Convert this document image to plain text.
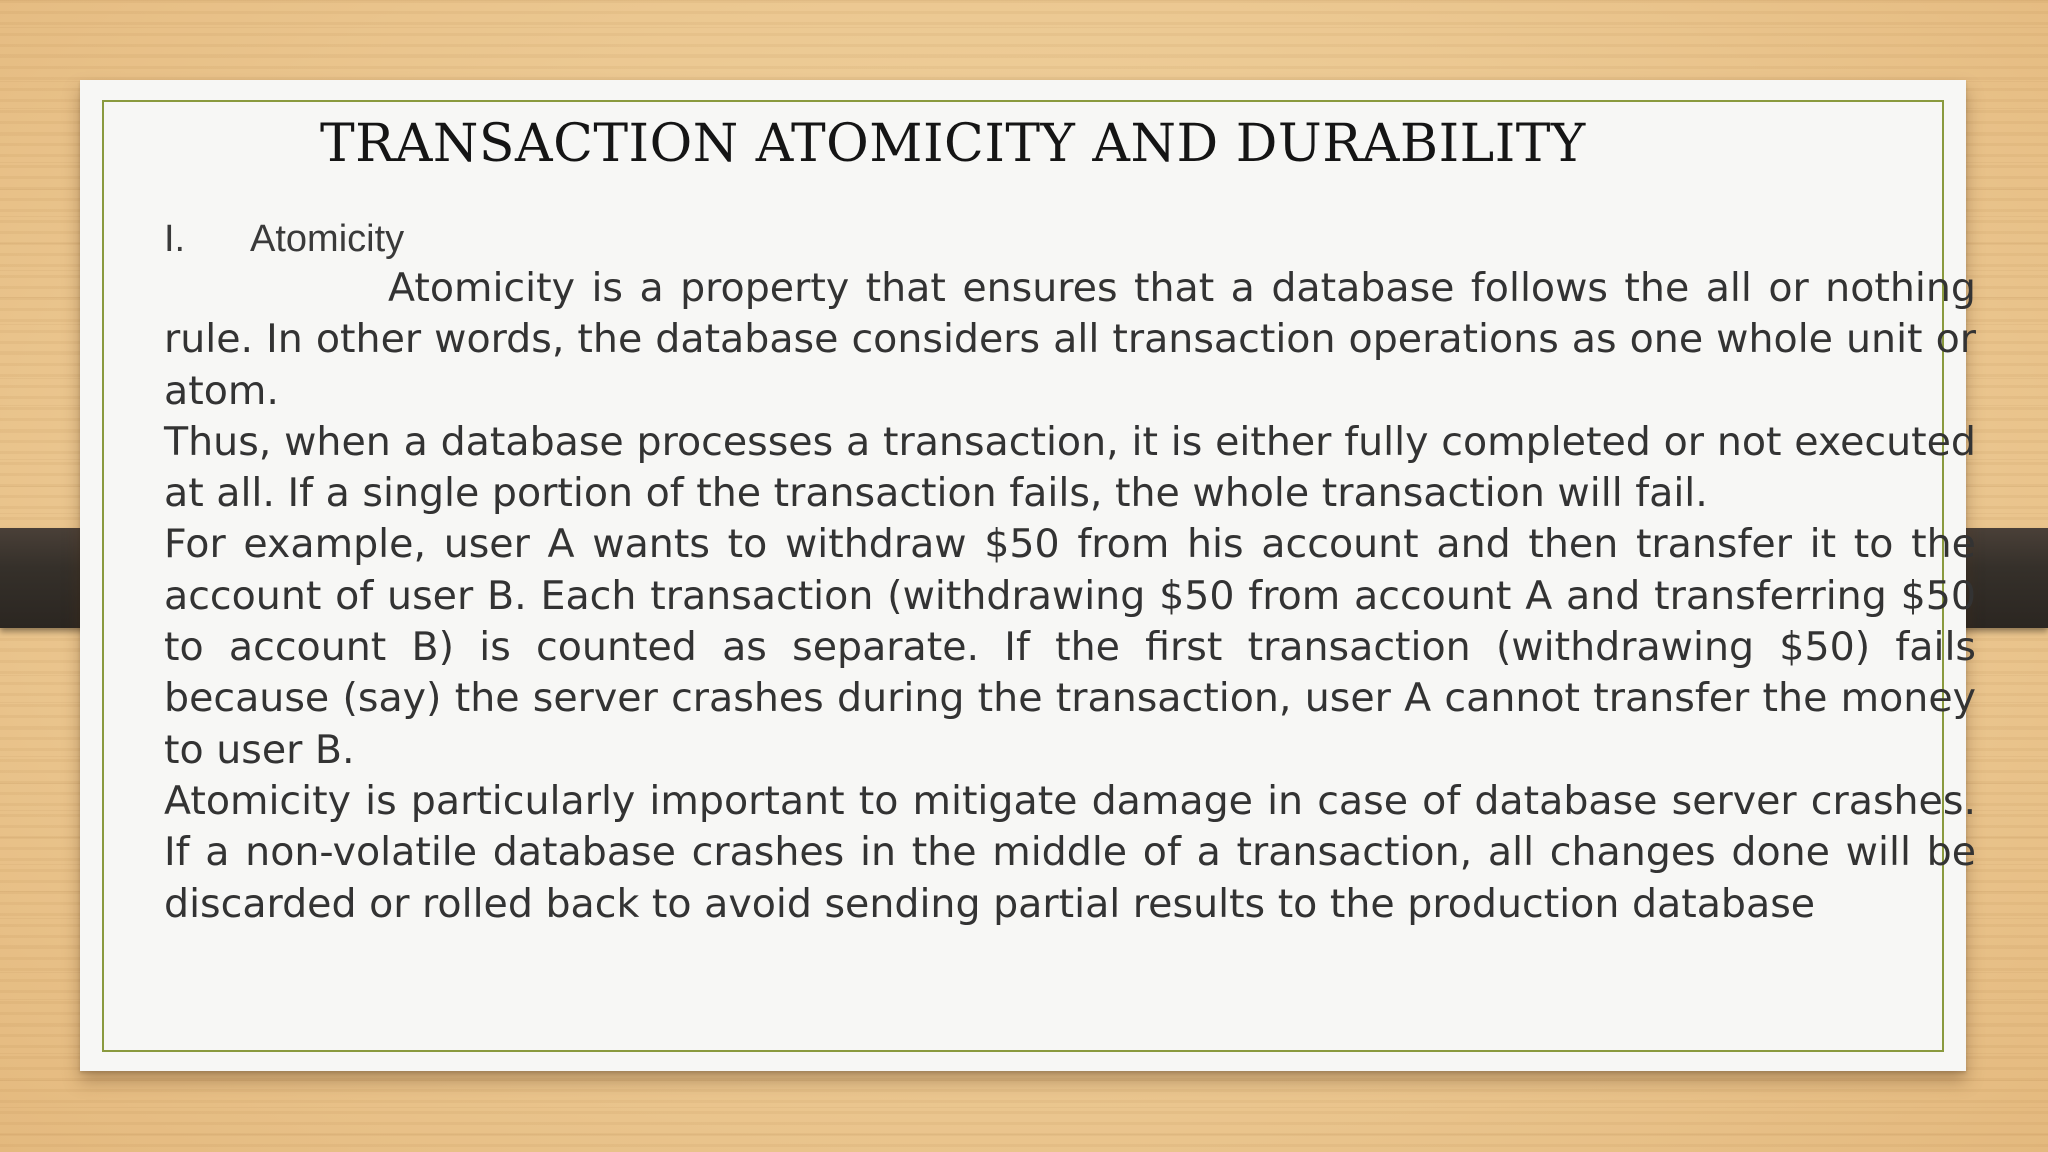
TRANSACTION ATOMICITY AND DURABILITY
I. Atomicity

Atomicity is a property that ensures that a database follows the all or nothing rule. In other words, the database considers all transaction operations as one whole unit or atom.

Thus, when a database processes a transaction, it is either fully completed or not executed at all. If a single portion of the transaction fails, the whole transaction will fail.

For example, user A wants to withdraw $50 from his account and then transfer it to the account of user B. Each transaction (withdrawing $50 from account A and transferring $50 to account B) is counted as separate. If the first transaction (withdrawing $50) fails because (say) the server crashes during the transaction, user A cannot transfer the money to user B.

Atomicity is particularly important to mitigate damage in case of database server crashes. If a non-volatile database crashes in the middle of a transaction, all changes done will be discarded or rolled back to avoid sending partial results to the production database
